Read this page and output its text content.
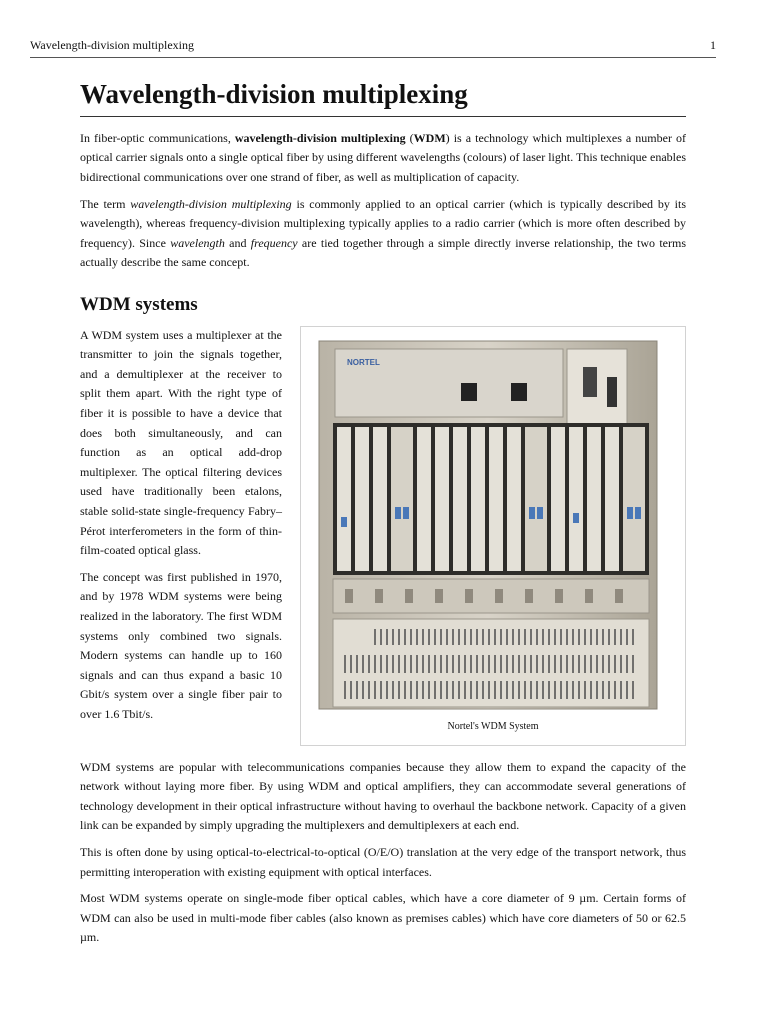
Wavelength-division multiplexing	1
Wavelength-division multiplexing

In fiber-optic communications, wavelength-division multiplexing (WDM) is a technology which multiplexes a number of optical carrier signals onto a single optical fiber by using different wavelengths (colours) of laser light. This technique enables bidirectional communications over one strand of fiber, as well as multiplication of capacity.

The term wavelength-division multiplexing is commonly applied to an optical carrier (which is typically described by its wavelength), whereas frequency-division multiplexing typically applies to a radio carrier (which is more often described by frequency). Since wavelength and frequency are tied together through a simple directly inverse relationship, the two terms actually describe the same concept.

WDM systems
NORTEL
Nortel's WDM System

A WDM system uses a multiplexer at the transmitter to join the signals together, and a demultiplexer at the receiver to split them apart. With the right type of fiber it is possible to have a device that does both simultaneously, and can function as an optical add-drop multiplexer. The optical filtering devices used have traditionally been etalons, stable solid-state single-frequency Fabry–Pérot interferometers in the form of thin-film-coated optical glass.

The concept was first published in 1970, and by 1978 WDM systems were being realized in the laboratory. The first WDM systems only combined two signals. Modern systems can handle up to 160 signals and can thus expand a basic 10 Gbit/s system over a single fiber pair to over 1.6 Tbit/s.

WDM systems are popular with telecommunications companies because they allow them to expand the capacity of the network without laying more fiber. By using WDM and optical amplifiers, they can accommodate several generations of technology development in their optical infrastructure without having to overhaul the backbone network. Capacity of a given link can be expanded by simply upgrading the multiplexers and demultiplexers at each end.

This is often done by using optical-to-electrical-to-optical (O/E/O) translation at the very edge of the transport network, thus permitting interoperation with existing equipment with optical interfaces.

Most WDM systems operate on single-mode fiber optical cables, which have a core diameter of 9 µm. Certain forms of WDM can also be used in multi-mode fiber cables (also known as premises cables) which have core diameters of 50 or 62.5 µm.
